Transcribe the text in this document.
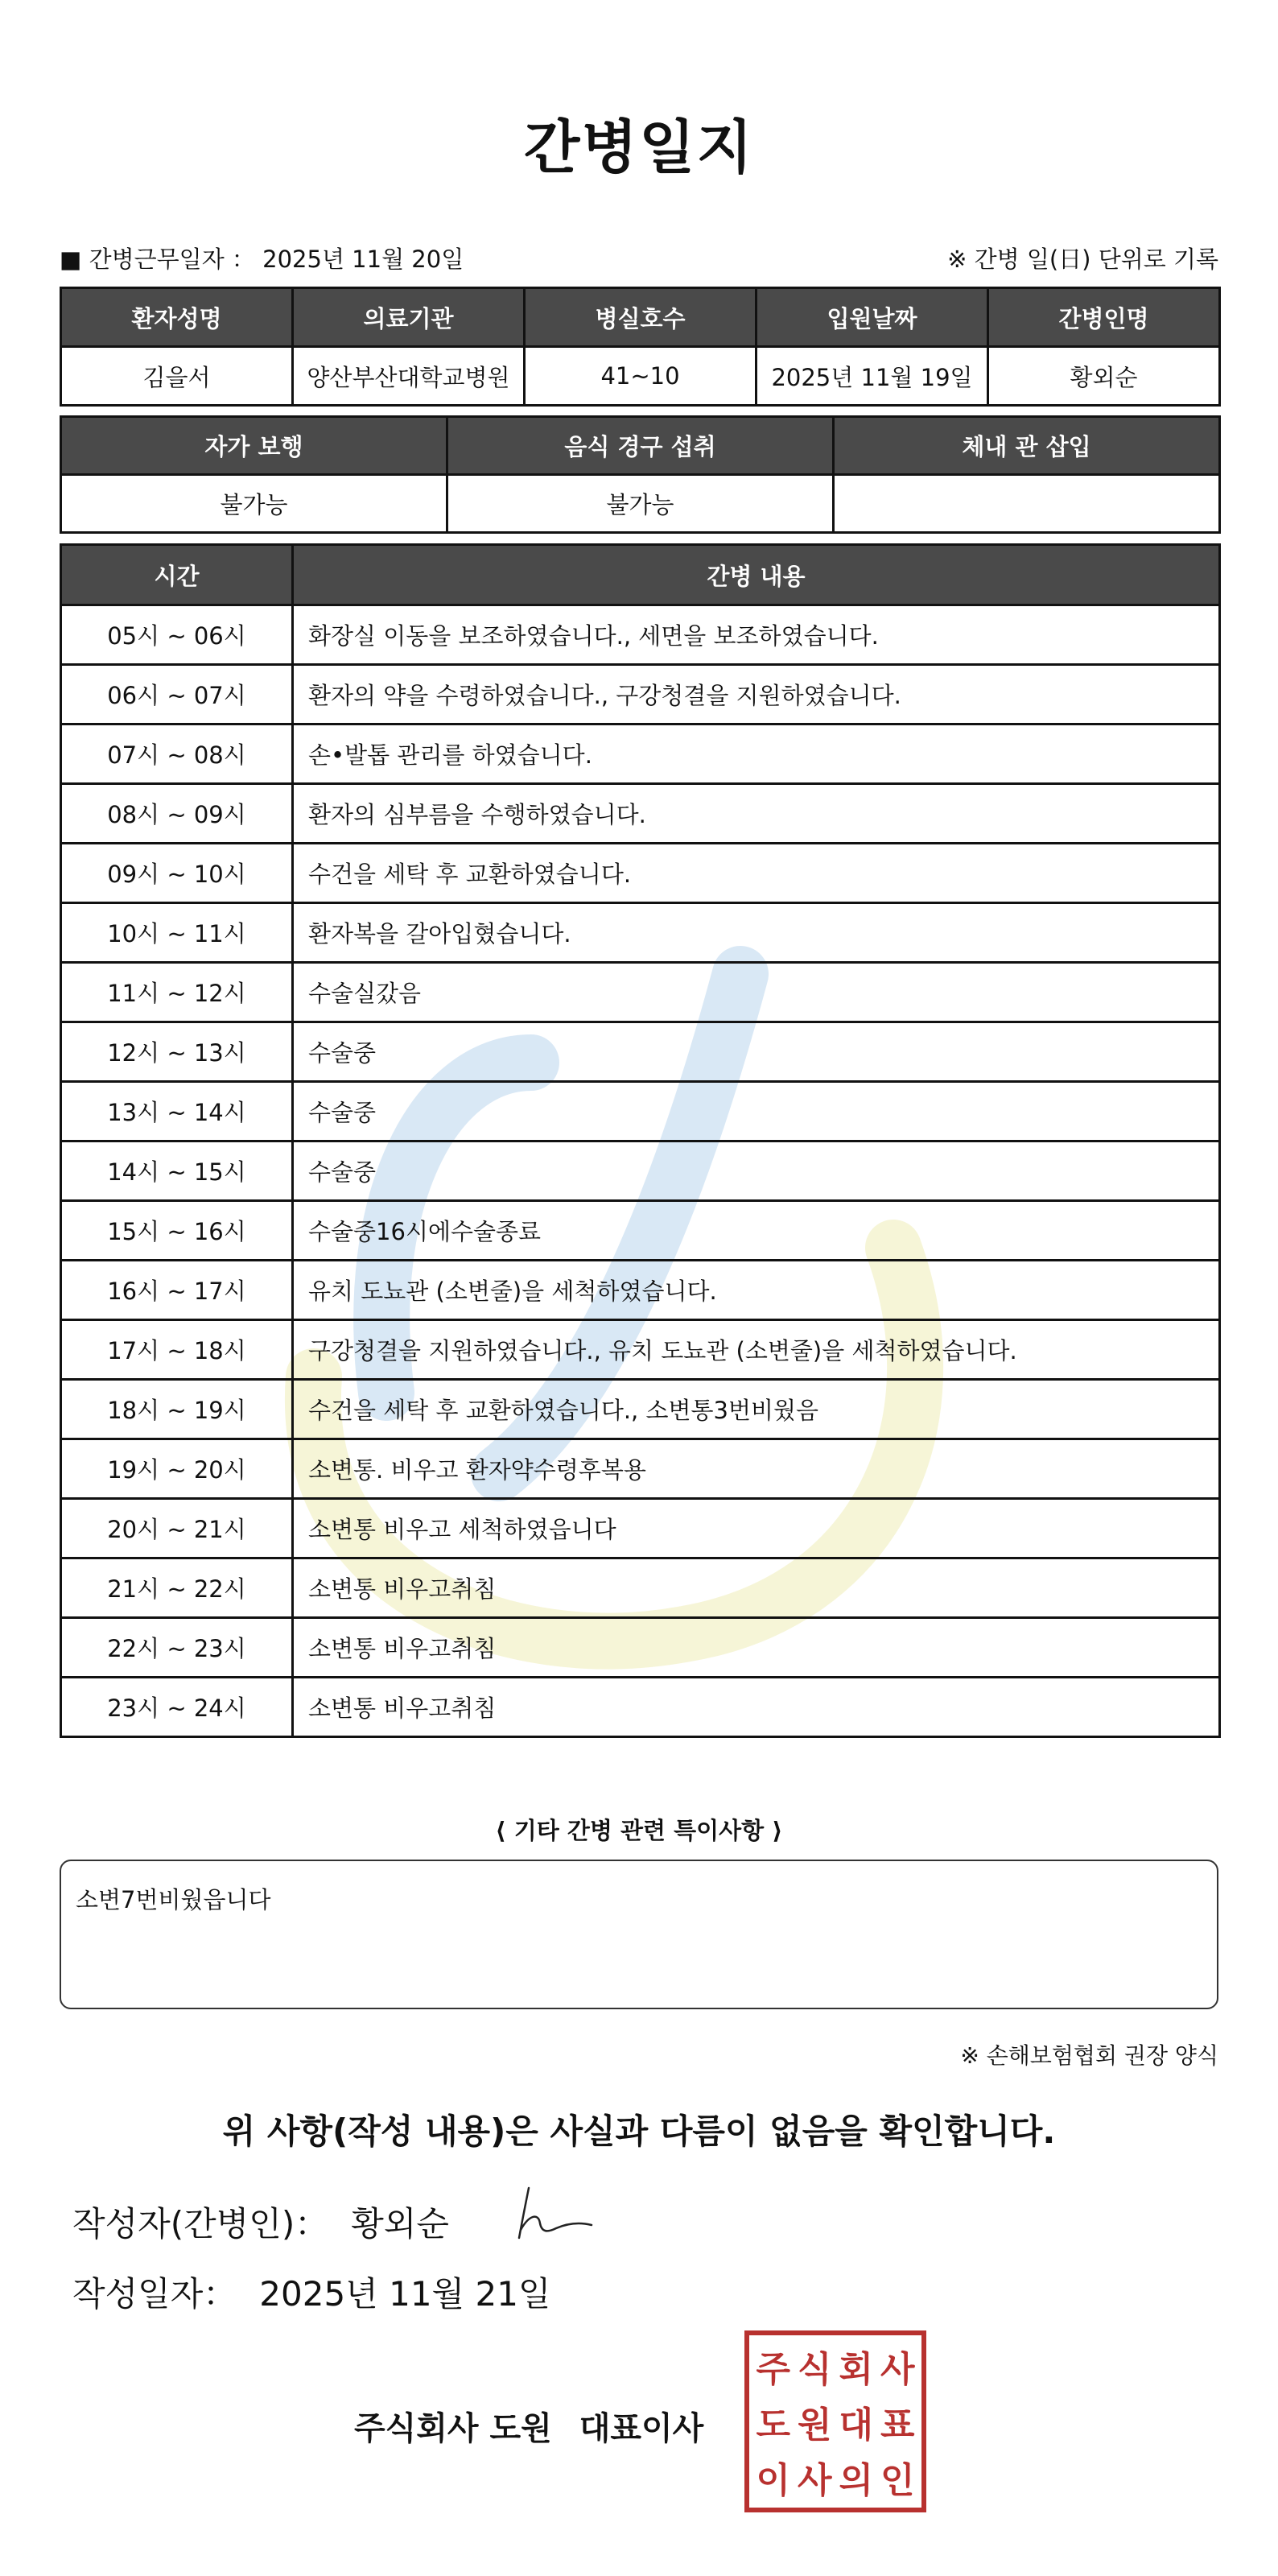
간병일지
■ 간병근무일자 ： 2025년 11월 20일	※ 간병 일(日) 단위로 기록
환자성명	의료기관	병실호수	입원날짜	간병인명
김을서	양산부산대학교병원	41~10	2025년 11월 19일	황외순
자가 보행	음식 경구 섭취	체내 관 삽입
불가능	불가능	
시간	간병 내용
05시 ~ 06시	화장실 이동을 보조하였습니다., 세면을 보조하였습니다.
06시 ~ 07시	환자의 약을 수령하였습니다., 구강청결을 지원하였습니다.
07시 ~ 08시	손•발톱 관리를 하였습니다.
08시 ~ 09시	환자의 심부름을 수행하였습니다.
09시 ~ 10시	수건을 세탁 후 교환하였습니다.
10시 ~ 11시	환자복을 갈아입혔습니다.
11시 ~ 12시	수술실갔음
12시 ~ 13시	수술중
13시 ~ 14시	수술중
14시 ~ 15시	수술중
15시 ~ 16시	수술중16시에수술종료
16시 ~ 17시	유치 도뇨관 (소변줄)을 세척하였습니다.
17시 ~ 18시	구강청결을 지원하였습니다., 유치 도뇨관 (소변줄)을 세척하였습니다.
18시 ~ 19시	수건을 세탁 후 교환하였습니다., 소변통3번비웠음
19시 ~ 20시	소변통. 비우고 환자약수령후복용
20시 ~ 21시	소변통 비우고 세척하였읍니다
21시 ~ 22시	소변통 비우고취침
22시 ~ 23시	소변통 비우고취침
23시 ~ 24시	소변통 비우고취침
⟨ 기타 간병 관련 특이사항 ⟩
소변7번비웠읍니다
※ 손해보험협회 권장 양식
위 사항(작성 내용)은 사실과 다름이 없음을 확인합니다.
작성자(간병인)： 황외순
작성일자： 2025년 11월 21일
주식회사 도원 대표이사
주 식 회 사
도 원 대 표
이 사 의 인
